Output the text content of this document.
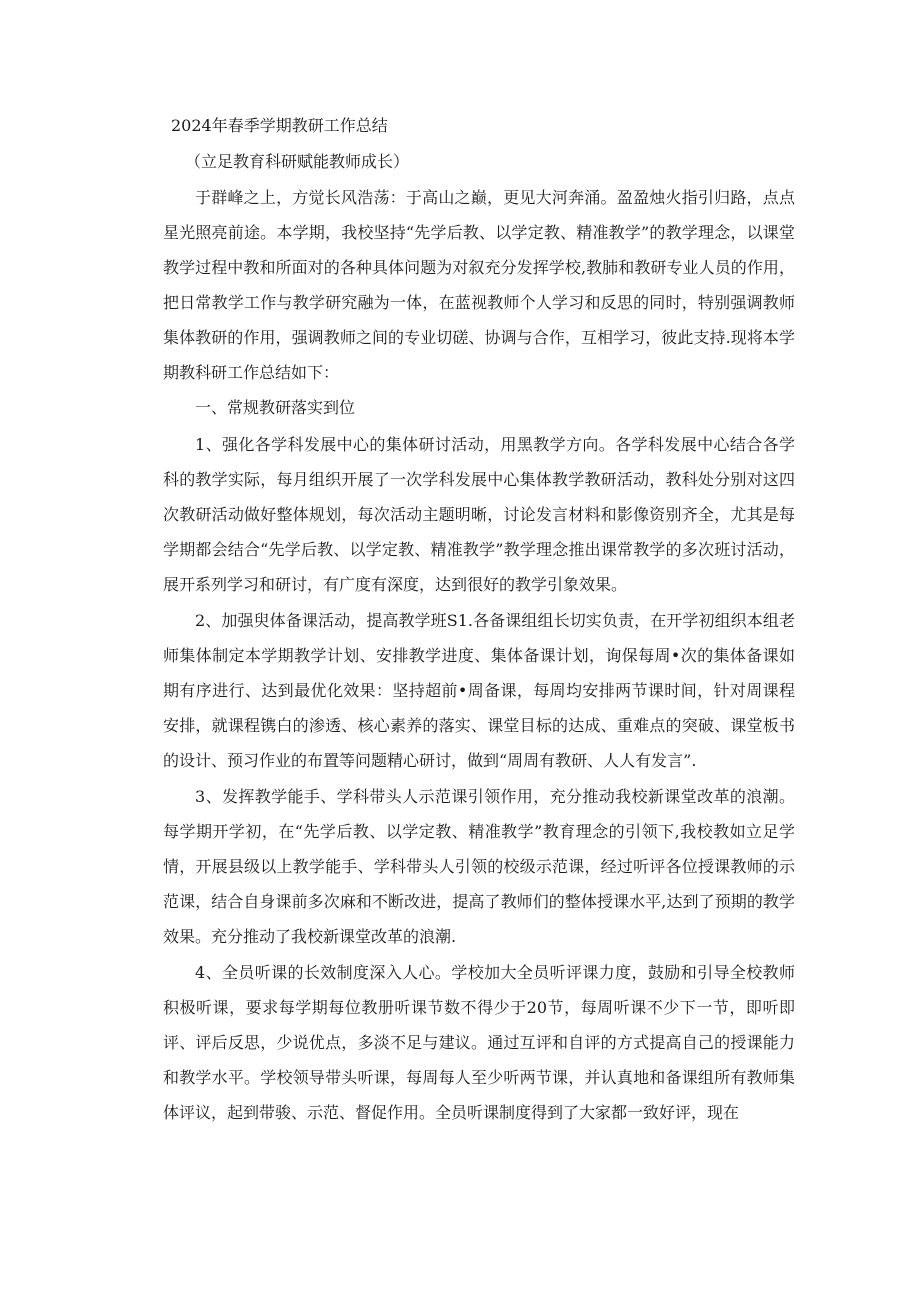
2024年春季学期教研工作总结
（立足教育科研赋能教师成长）

于群峰之上，方觉长风浩荡：于高山之巅，更见大河奔涌。盈盈烛火指引归路，点点星光照亮前途。本学期，我校坚持“先学后教、以学定教、精准教学”的教学理念，以课堂教学过程中教和所面对的各种具体问题为对叙充分发挥学校,教肺和教研专业人员的作用，把日常教学工作与教学研究融为一体，在蓝视教师个人学习和反思的同时，特别强调教师集体教研的作用，强调教师之间的专业切磋、协调与合作，互相学习，彼此支持.现将本学期教科研工作总结如下：

一、常规教研落实到位

1、强化各学科发展中心的集体研讨活动，用黑教学方向。各学科发展中心结合各学科的教学实际，每月组织开展了一次学科发展中心集体教学教研活动，教科处分别对这四次教研活动做好整体规划，每次活动主题明晰，讨论发言材料和影像资别齐全，尤其是每学期都会结合“先学后教、以学定教、精准教学”教学理念推出课常教学的多次班讨活动，展开系列学习和研讨，有广度有深度，达到很好的教学引象效果。

2、加强臾体备课活动，提高教学班S1.各备课组组长切实负责，在开学初组织本组老师集体制定本学期教学计划、安排教学进度、集体备课计划，询保每周•次的集体备课如期有序进行、达到最优化效果：坚持超前•周备课，每周均安排两节课时间，针对周课程安排，就课程镌白的渗透、核心素养的落实、课堂目标的达成、重难点的突破、课堂板书的设计、预习作业的布置等问题精心研讨，做到“周周有教研、人人有发言”.

3、发挥教学能手、学科带头人示范课引领作用，充分推动我校新课堂改革的浪潮。每学期开学初，在“先学后教、以学定教、精准教学”教育理念的引领下,我校教如立足学情，开展县级以上教学能手、学科带头人引领的校级示范课，经过听评各位授课教师的示范课，结合自身课前多次麻和不断改进，提高了教师们的整体授课水平,达到了预期的教学效果。充分推动了我校新课堂改革的浪潮.

4、全员听课的长效制度深入人心。学校加大全员听评课力度，鼓励和引导全校教师积极听课，要求每学期每位教册听课节数不得少于20节，每周听课不少下一节，即听即评、评后反思，少说优点，多淡不足与建议。通过互评和自评的方式提高自己的授课能力和教学水平。学校领导带头听课，每周每人至少听两节课，并认真地和备课组所有教师集体评议，起到带骏、示范、督促作用。全员听课制度得到了大家都一致好评，现在
